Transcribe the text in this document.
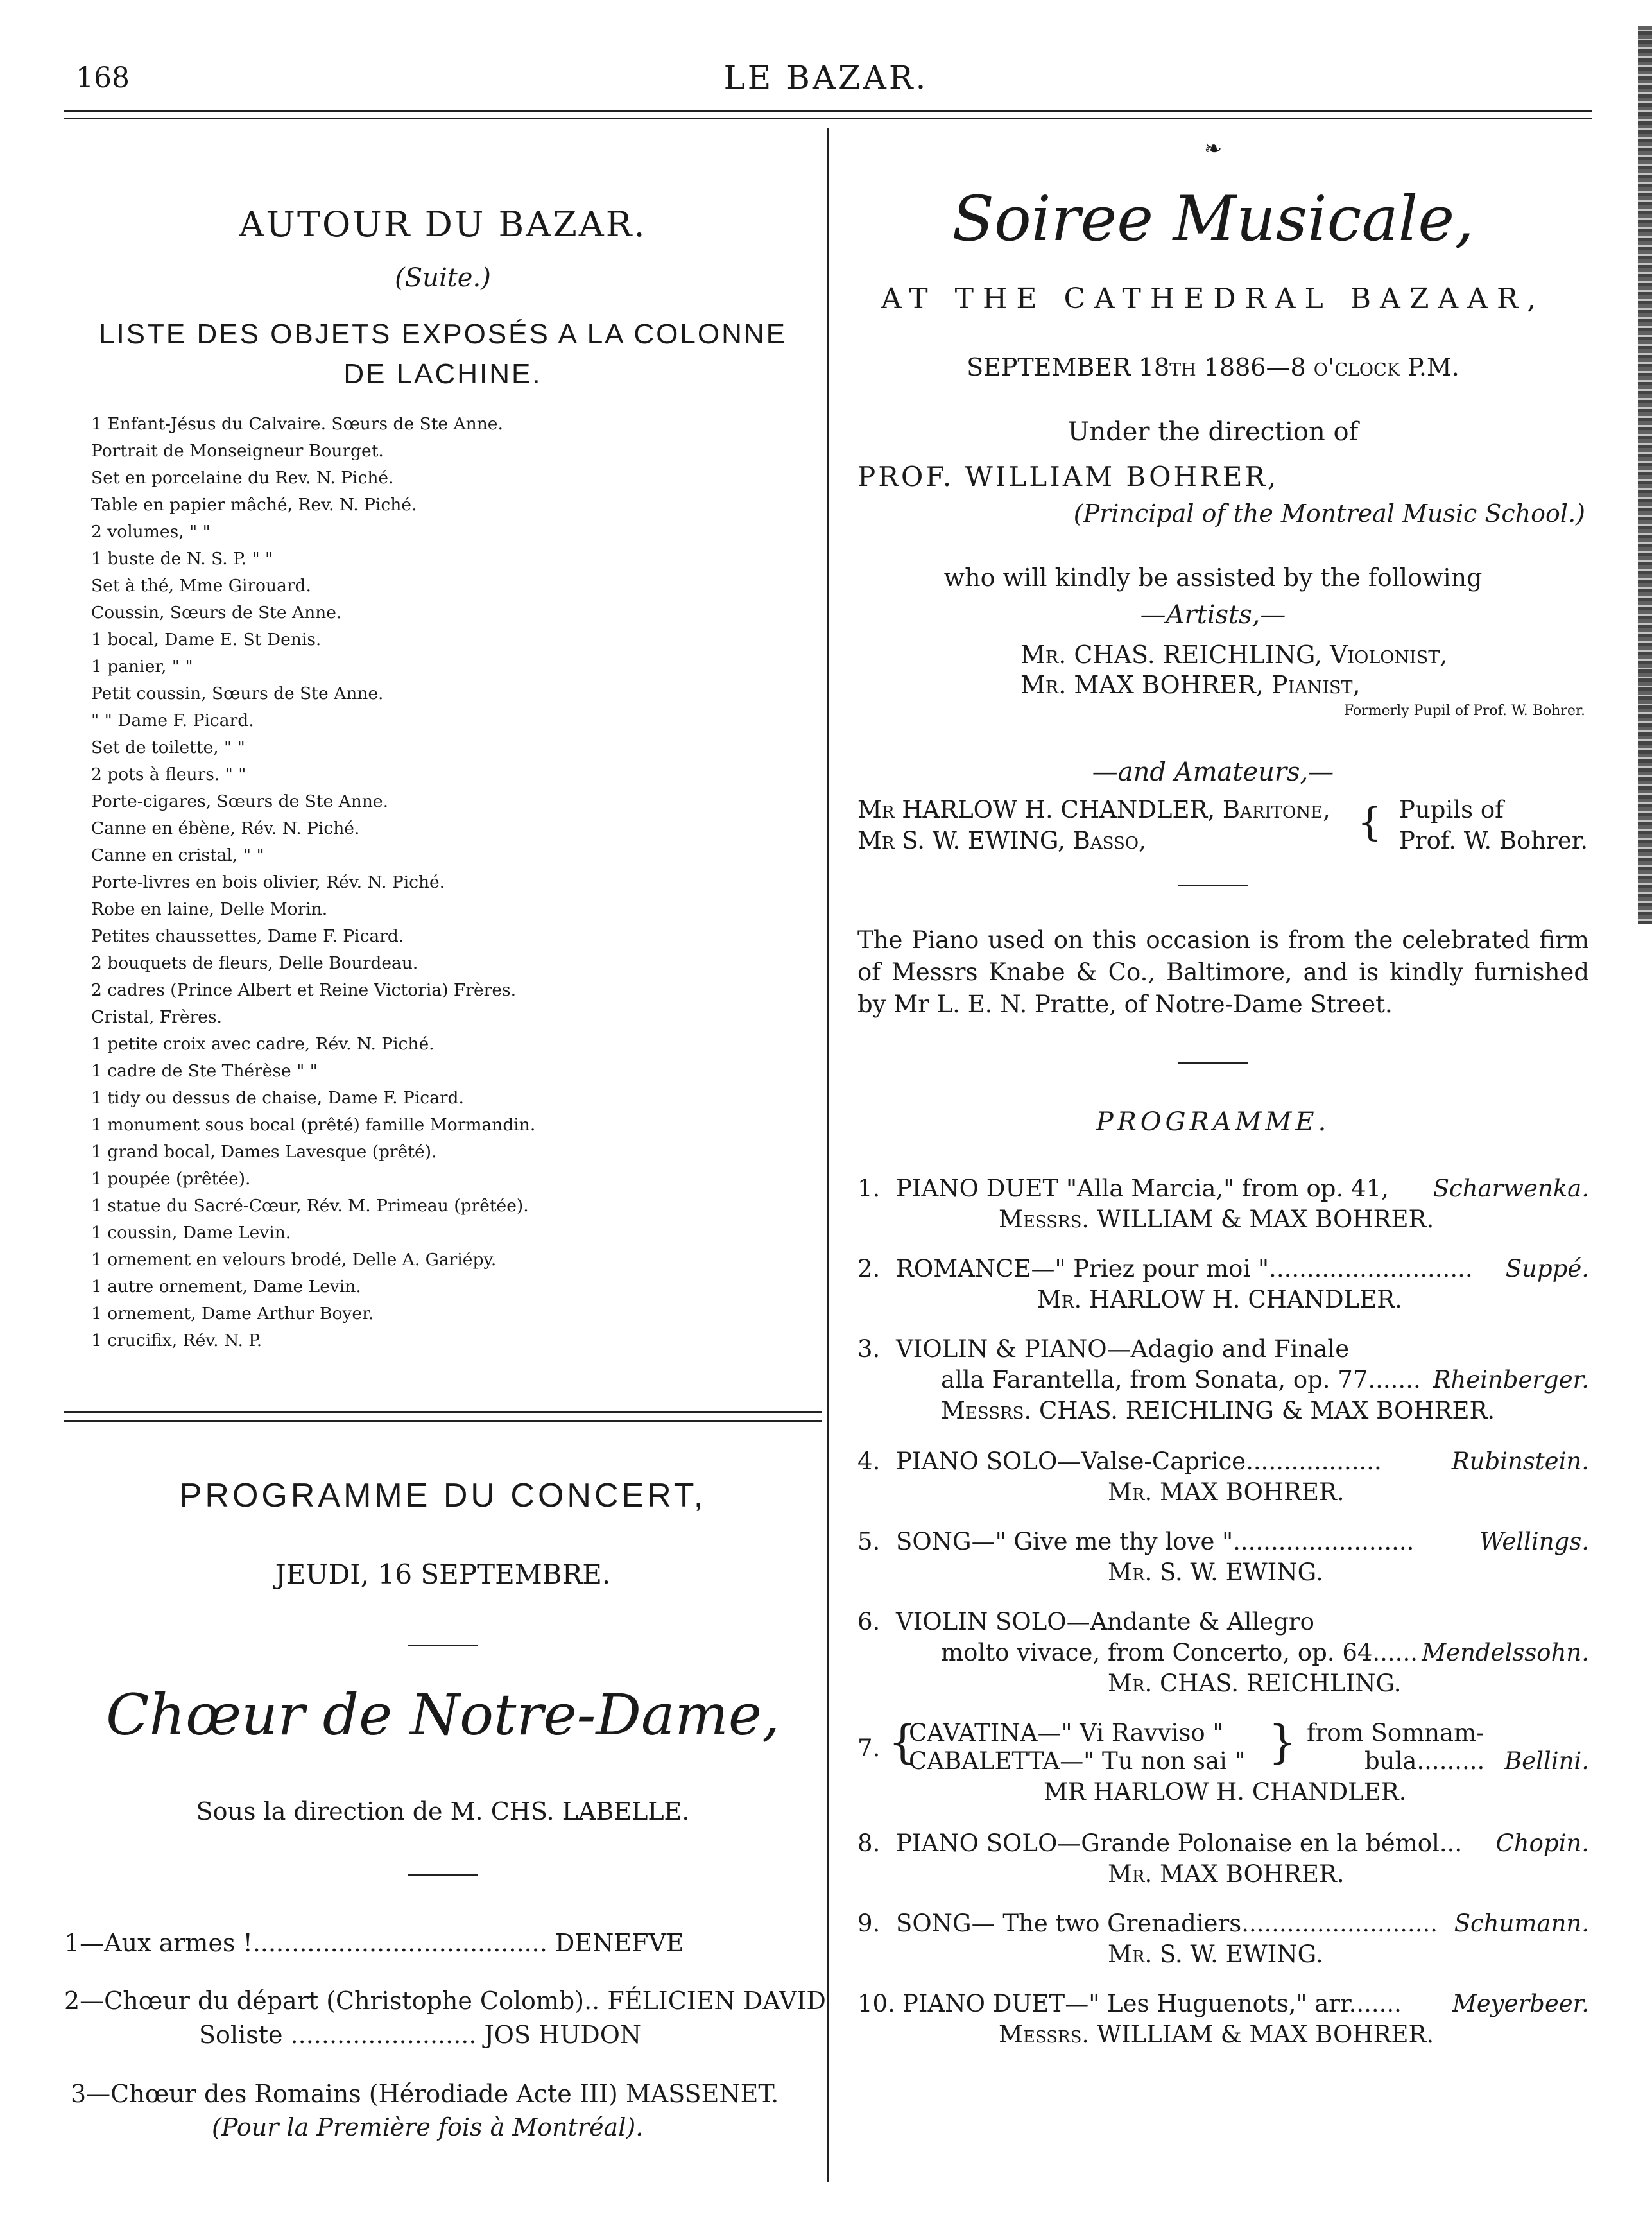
168	LE BAZAR.
AUTOUR DU BAZAR.
(Suite.)
LISTE DES OBJETS EXPOSÉS A LA COLONNE
DE LACHINE.
1 Enfant-Jésus du Calvaire. Sœurs de Ste Anne.
Portrait de Monseigneur Bourget.
Set en porcelaine du Rev. N. Piché.
Table en papier mâché, Rev. N. Piché.
2 volumes, " "
1 buste de N. S. P. " "
Set à thé, Mme Girouard.
Coussin, Sœurs de Ste Anne.
1 bocal, Dame E. St Denis.
1 panier, " "
Petit coussin, Sœurs de Ste Anne.
" " Dame F. Picard.
Set de toilette, " "
2 pots à fleurs. " "
Porte-cigares, Sœurs de Ste Anne.
Canne en ébène, Rév. N. Piché.
Canne en cristal, " "
Porte-livres en bois olivier, Rév. N. Piché.
Robe en laine, Delle Morin.
Petites chaussettes, Dame F. Picard.
2 bouquets de fleurs, Delle Bourdeau.
2 cadres (Prince Albert et Reine Victoria) Frères.
Cristal, Frères.
1 petite croix avec cadre, Rév. N. Piché.
1 cadre de Ste Thérèse " "
1 tidy ou dessus de chaise, Dame F. Picard.
1 monument sous bocal (prêté) famille Mormandin.
1 grand bocal, Dames Lavesque (prêté).
1 poupée (prêtée).
1 statue du Sacré-Cœur, Rév. M. Primeau (prêtée).
1 coussin, Dame Levin.
1 ornement en velours brodé, Delle A. Gariépy.
1 autre ornement, Dame Levin.
1 ornement, Dame Arthur Boyer.
1 crucifix, Rév. N. P.
PROGRAMME DU CONCERT,
JEUDI, 16 SEPTEMBRE.
Chœur de Notre-Dame,
Sous la direction de M. CHS. LABELLE.
1—Aux armes !...................................... DENEFVE
2—Chœur du départ (Christophe Colomb).. FÉLICIEN DAVID
Soliste ........................ JOS HUDON
3—Chœur des Romains (Hérodiade Acte III) MASSENET.
(Pour la Première fois à Montréal).
❧
Soiree Musicale,
AT THE CATHEDRAL BAZAAR,
SEPTEMBER 18th 1886—8 o'clock P.M.
Under the direction of
PROF. WILLIAM BOHRER,
(Principal of the Montreal Music School.)
who will kindly be assisted by the following
—Artists,—
Mr. CHAS. REICHLING, Violonist,
Mr. MAX BOHRER, Pianist,
Formerly Pupil of Prof. W. Bohrer.
—and Amateurs,—
Mr HARLOW H. CHANDLER, Baritone,
Mr S. W. EWING, Basso,	{ Pupils of
Prof. W. Bohrer.
The Piano used on this occasion is from the celebrated firm of Messrs Knabe & Co., Baltimore, and is kindly furnished by Mr L. E. N. Pratte, of Notre-Dame Street.
PROGRAMME.
1. PIANO DUET "Alla Marcia," from op. 41, Scharwenka.
Messrs. WILLIAM & MAX BOHRER.
2. ROMANCE—" Priez pour moi "........................... Suppé.
Mr. HARLOW H. CHANDLER.
3. VIOLIN & PIANO—Adagio and Finale
alla Farantella, from Sonata, op. 77....... Rheinberger.
Messrs. CHAS. REICHLING & MAX BOHRER.
4. PIANO SOLO—Valse-Caprice..................	Rubinstein.
Mr. MAX BOHRER.
5. SONG—" Give me thy love "........................	Wellings.
Mr. S. W. EWING.
6. VIOLIN SOLO—Andante & Allegro
molto vivace, from Concerto, op. 64...... Mendelssohn.
Mr. CHAS. REICHLING.
7. {
CAVATINA—" Vi Ravviso "
CABALETTA—" Tu non sai " } from Somnam-
bula......... Bellini.
MR HARLOW H. CHANDLER.
8. PIANO SOLO—Grande Polonaise en la bémol... Chopin.
Mr. MAX BOHRER.
9. SONG— The two Grenadiers.......................... Schumann.
Mr. S. W. EWING.
10. PIANO DUET—" Les Huguenots," arr....... Meyerbeer.
Messrs. WILLIAM & MAX BOHRER.
